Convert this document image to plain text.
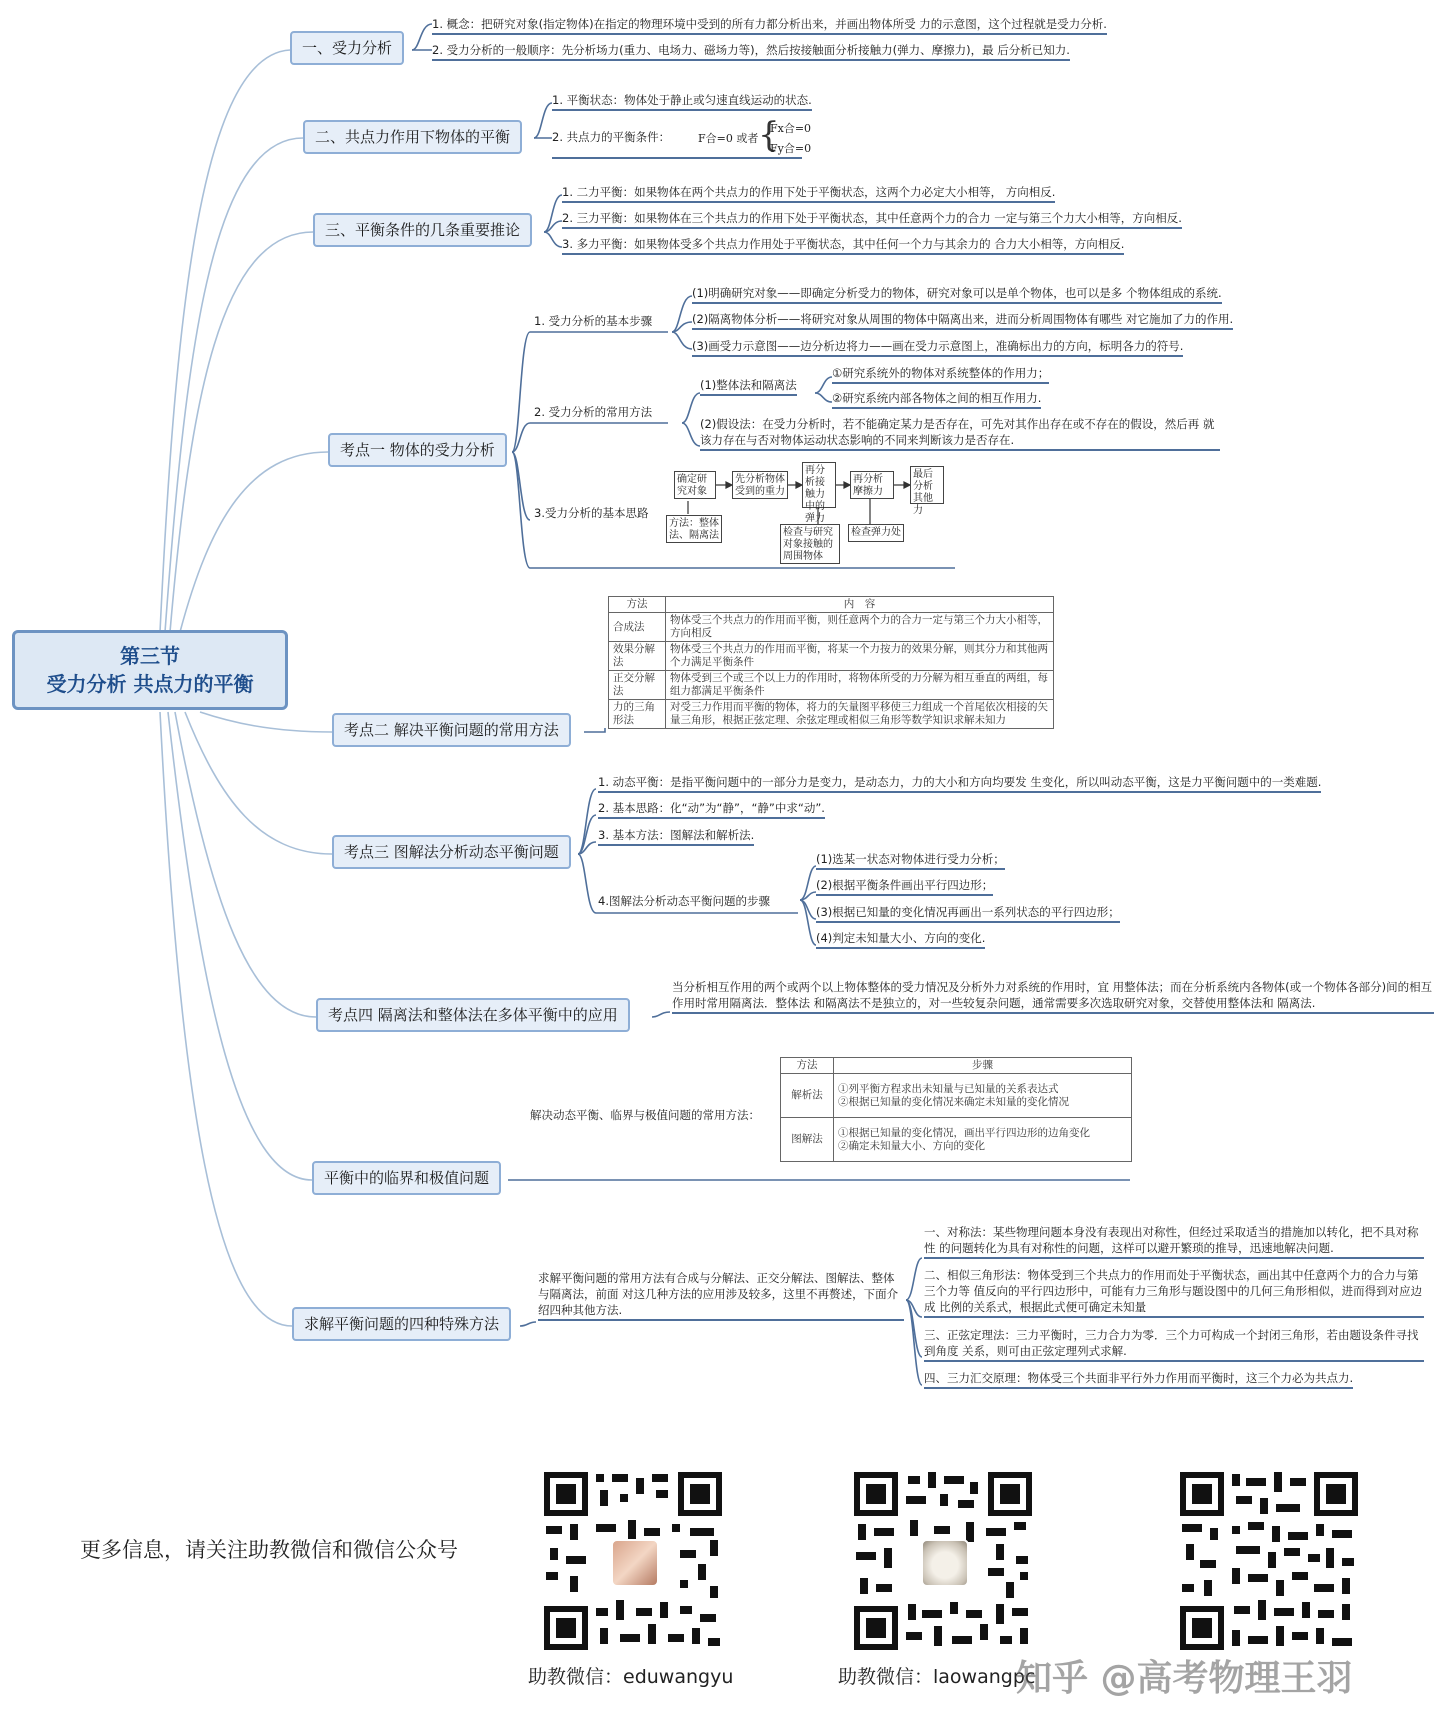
第三节
受力分析 共点力的平衡
一、受力分析
1. 概念：把研究对象(指定物体)在指定的物理环境中受到的所有力都分析出来，并画出物体所受 力的示意图，这个过程就是受力分析.
2. 受力分析的一般顺序：先分析场力(重力、电场力、磁场力等)，然后按接触面分析接触力(弹力、摩擦力)，最 后分析已知力.
二、共点力作用下物体的平衡
1. 平衡状态：物体处于静止或匀速直线运动的状态.
2. 共点力的平衡条件：	F合=0 或者 {
Fx合=0
Fy合=0
三、平衡条件的几条重要推论
1. 二力平衡：如果物体在两个共点力的作用下处于平衡状态，这两个力必定大小相等， 方向相反.
2. 三力平衡：如果物体在三个共点力的作用下处于平衡状态，其中任意两个力的合力 一定与第三个力大小相等，方向相反.
3. 多力平衡：如果物体受多个共点力作用处于平衡状态，其中任何一个力与其余力的 合力大小相等，方向相反.
考点一 物体的受力分析
1. 受力分析的基本步骤
(1)明确研究对象——即确定分析受力的物体，研究对象可以是单个物体，也可以是多 个物体组成的系统.
(2)隔离物体分析——将研究对象从周围的物体中隔离出来，进而分析周围物体有哪些 对它施加了力的作用.
(3)画受力示意图——边分析边将力——画在受力示意图上，准确标出力的方向，标明各力的符号.
2. 受力分析的常用方法
(1)整体法和隔离法
①研究系统外的物体对系统整体的作用力；
②研究系统内部各物体之间的相互作用力.
(2)假设法：在受力分析时，若不能确定某力是否存在，可先对其作出存在或不存在的假设，然后再 就该力存在与否对物体运动状态影响的不同来判断该力是否存在.
3.受力分析的基本思路
确定研究对象
先分析物体受到的重力
再分析接触力中的弹力
再分析摩擦力
最后分析其他力
方法：整体法、隔离法	检查与研究对象接触的周围物体
检查弹力处
考点二 解决平衡问题的常用方法
方法	内　容
合成法	物体受三个共点力的作用而平衡，则任意两个力的合力一定与第三个力大小相等，方向相反
效果分解法	物体受三个共点力的作用而平衡，将某一个力按力的效果分解，则其分力和其他两个力满足平衡条件
正交分解法	物体受到三个或三个以上力的作用时，将物体所受的力分解为相互垂直的两组，每组力都满足平衡条件
力的三角形法	对受三力作用而平衡的物体，将力的矢量图平移使三力组成一个首尾依次相接的矢量三角形，根据正弦定理、余弦定理或相似三角形等数学知识求解未知力
考点三 图解法分析动态平衡问题
1. 动态平衡：是指平衡问题中的一部分力是变力，是动态力，力的大小和方向均要发 生变化，所以叫动态平衡，这是力平衡问题中的一类难题.
2. 基本思路：化“动”为“静”，“静”中求“动”.
3. 基本方法：图解法和解析法.
4.图解法分析动态平衡问题的步骤
(1)选某一状态对物体进行受力分析；
(2)根据平衡条件画出平行四边形；
(3)根据已知量的变化情况再画出一系列状态的平行四边形；
(4)判定未知量大小、方向的变化.
考点四 隔离法和整体法在多体平衡中的应用
当分析相互作用的两个或两个以上物体整体的受力情况及分析外力对系统的作用时，宜 用整体法；而在分析系统内各物体(或一个物体各部分)间的相互作用时常用隔离法．整体法 和隔离法不是独立的，对一些较复杂问题，通常需要多次选取研究对象，交替使用整体法和 隔离法.
平衡中的临界和极值问题
解决动态平衡、临界与极值问题的常用方法：
方法	步骤
解析法	①列平衡方程求出未知量与已知量的关系表达式
②根据已知量的变化情况来确定未知量的变化情况
图解法	①根据已知量的变化情况，画出平行四边形的边角变化
②确定未知量大小、方向的变化
求解平衡问题的四种特殊方法
求解平衡问题的常用方法有合成与分解法、正交分解法、图解法、整体与隔离法，前面 对这几种方法的应用涉及较多，这里不再赘述，下面介绍四种其他方法.
一、对称法：某些物理问题本身没有表现出对称性，但经过采取适当的措施加以转化，把不具对称性 的问题转化为具有对称性的问题，这样可以避开繁琐的推导，迅速地解决问题.
二、相似三角形法：物体受到三个共点力的作用而处于平衡状态，画出其中任意两个力的合力与第三个力等 值反向的平行四边形中，可能有力三角形与题设图中的几何三角形相似，进而得到对应边成 比例的关系式，根据此式便可确定未知量
三、正弦定理法：三力平衡时，三力合力为零．三个力可构成一个封闭三角形，若由题设条件寻找到角度 关系，则可由正弦定理列式求解.
四、三力汇交原理：物体受三个共面非平行外力作用而平衡时，这三个力必为共点力.
更多信息，请关注助教微信和微信公众号
助教微信：eduwangyu	助教微信：laowangpc
知乎 @高考物理王羽
